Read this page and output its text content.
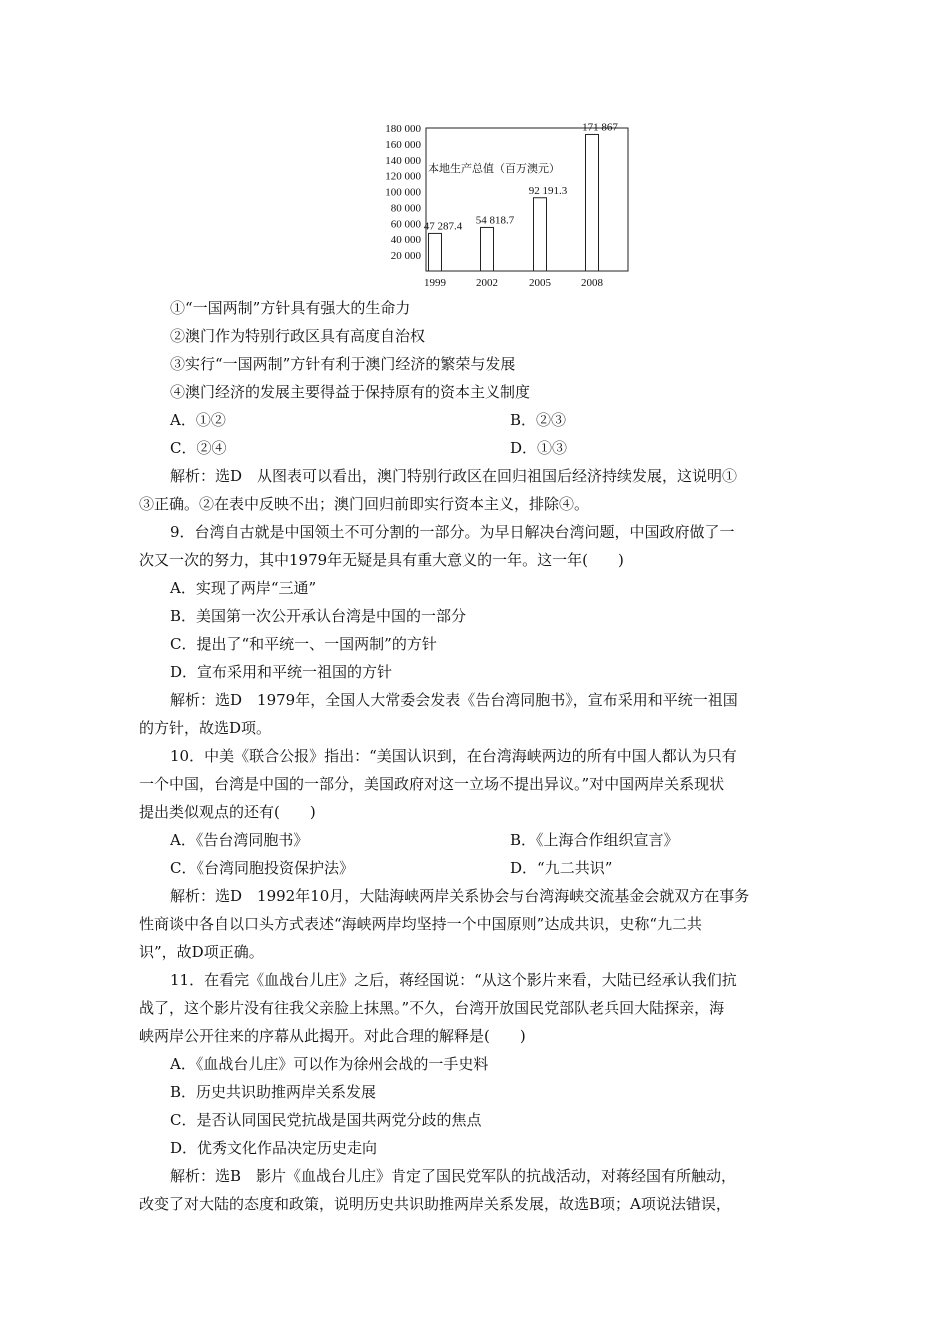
180 000
160 000
140 000
120 000
100 000
80 000
60 000
40 000
20 000
47 287.4 54 818.7
92 191.3
171 867
1999	2002	2005	2008
本地生产总值（百万澳元）
①“一国两制”方针具有强大的生命力
②澳门作为特别行政区具有高度自治权
③实行“一国两制”方针有利于澳门经济的繁荣与发展
④澳门经济的发展主要得益于保持原有的资本主义制度
A．①②	B．②③
C．②④	D．①③
解析：选D　从图表可以看出，澳门特别行政区在回归祖国后经济持续发展，这说明①
③正确。②在表中反映不出；澳门回归前即实行资本主义，排除④。
9．台湾自古就是中国领土不可分割的一部分。为早日解决台湾问题，中国政府做了一
次又一次的努力，其中1979年无疑是具有重大意义的一年。这一年(　　)
A．实现了两岸“三通”
B．美国第一次公开承认台湾是中国的一部分
C．提出了“和平统一、一国两制”的方针
D．宣布采用和平统一祖国的方针
解析：选D　1979年，全国人大常委会发表《告台湾同胞书》，宣布采用和平统一祖国
的方针，故选D项。
10．中美《联合公报》指出：“美国认识到，在台湾海峡两边的所有中国人都认为只有
一个中国，台湾是中国的一部分，美国政府对这一立场不提出异议。”对中国两岸关系现状
提出类似观点的还有(　　)
A．《告台湾同胞书》	B．《上海合作组织宣言》
C．《台湾同胞投资保护法》	D．“九二共识”
解析：选D　1992年10月，大陆海峡两岸关系协会与台湾海峡交流基金会就双方在事务
性商谈中各自以口头方式表述“海峡两岸均坚持一个中国原则”达成共识，史称“九二共
识”，故D项正确。
11．在看完《血战台儿庄》之后，蒋经国说：“从这个影片来看，大陆已经承认我们抗
战了，这个影片没有往我父亲脸上抹黑。”不久，台湾开放国民党部队老兵回大陆探亲，海
峡两岸公开往来的序幕从此揭开。对此合理的解释是(　　)
A．《血战台儿庄》可以作为徐州会战的一手史料
B．历史共识助推两岸关系发展
C．是否认同国民党抗战是国共两党分歧的焦点
D．优秀文化作品决定历史走向
解析：选B　影片《血战台儿庄》肯定了国民党军队的抗战活动，对蒋经国有所触动，
改变了对大陆的态度和政策，说明历史共识助推两岸关系发展，故选B项；A项说法错误，
